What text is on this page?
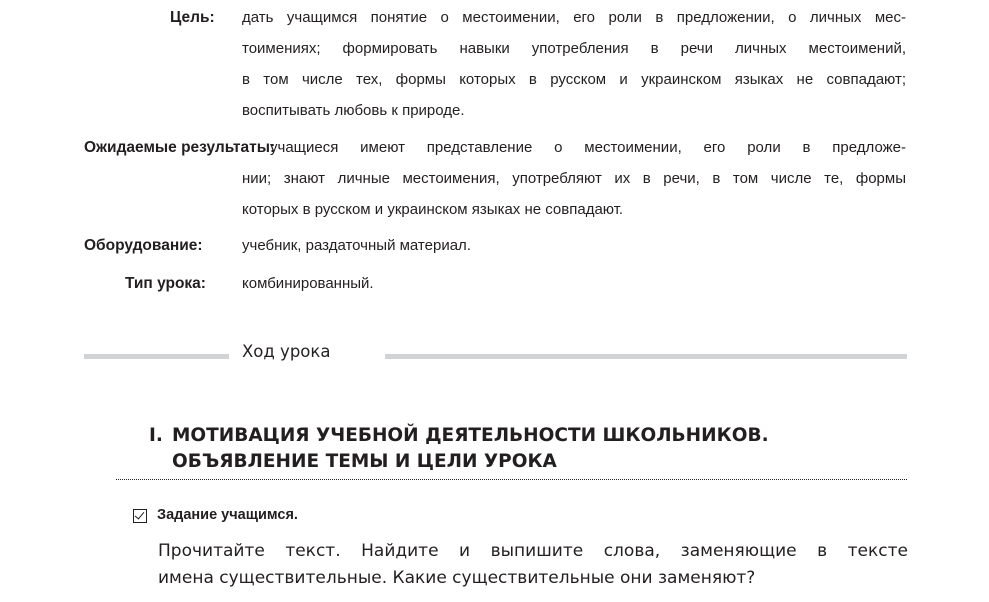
Цель: дать учащимся понятие о местоимении, его роли в предложении, о личных мес-
тоимениях; формировать навыки употребления в речи личных местоимений,
в том числе тех, формы которых в русском и украинском языках не совпадают;
воспитывать любовь к природе.
Ожидаемые результаты:
учащиеся имеют представление о местоимении, его роли в предложе-
нии; знают личные местоимения, употребляют их в речи, в том числе те, формы
которых в русском и украинском языках не совпадают.
Оборудование:	учебник, раздаточный материал.
Тип урока: комбинированный.
Ход урока
I. МОТИВАЦИЯ УЧЕБНОЙ ДЕЯТЕЛЬНОСТИ ШКОЛЬНИКОВ.
ОБЪЯВЛЕНИЕ ТЕМЫ И ЦЕЛИ УРОКА
Задание учащимся.
Прочитайте текст. Найдите и выпишите слова, заменяющие в тексте
имена существительные. Какие существительные они заменяют?
